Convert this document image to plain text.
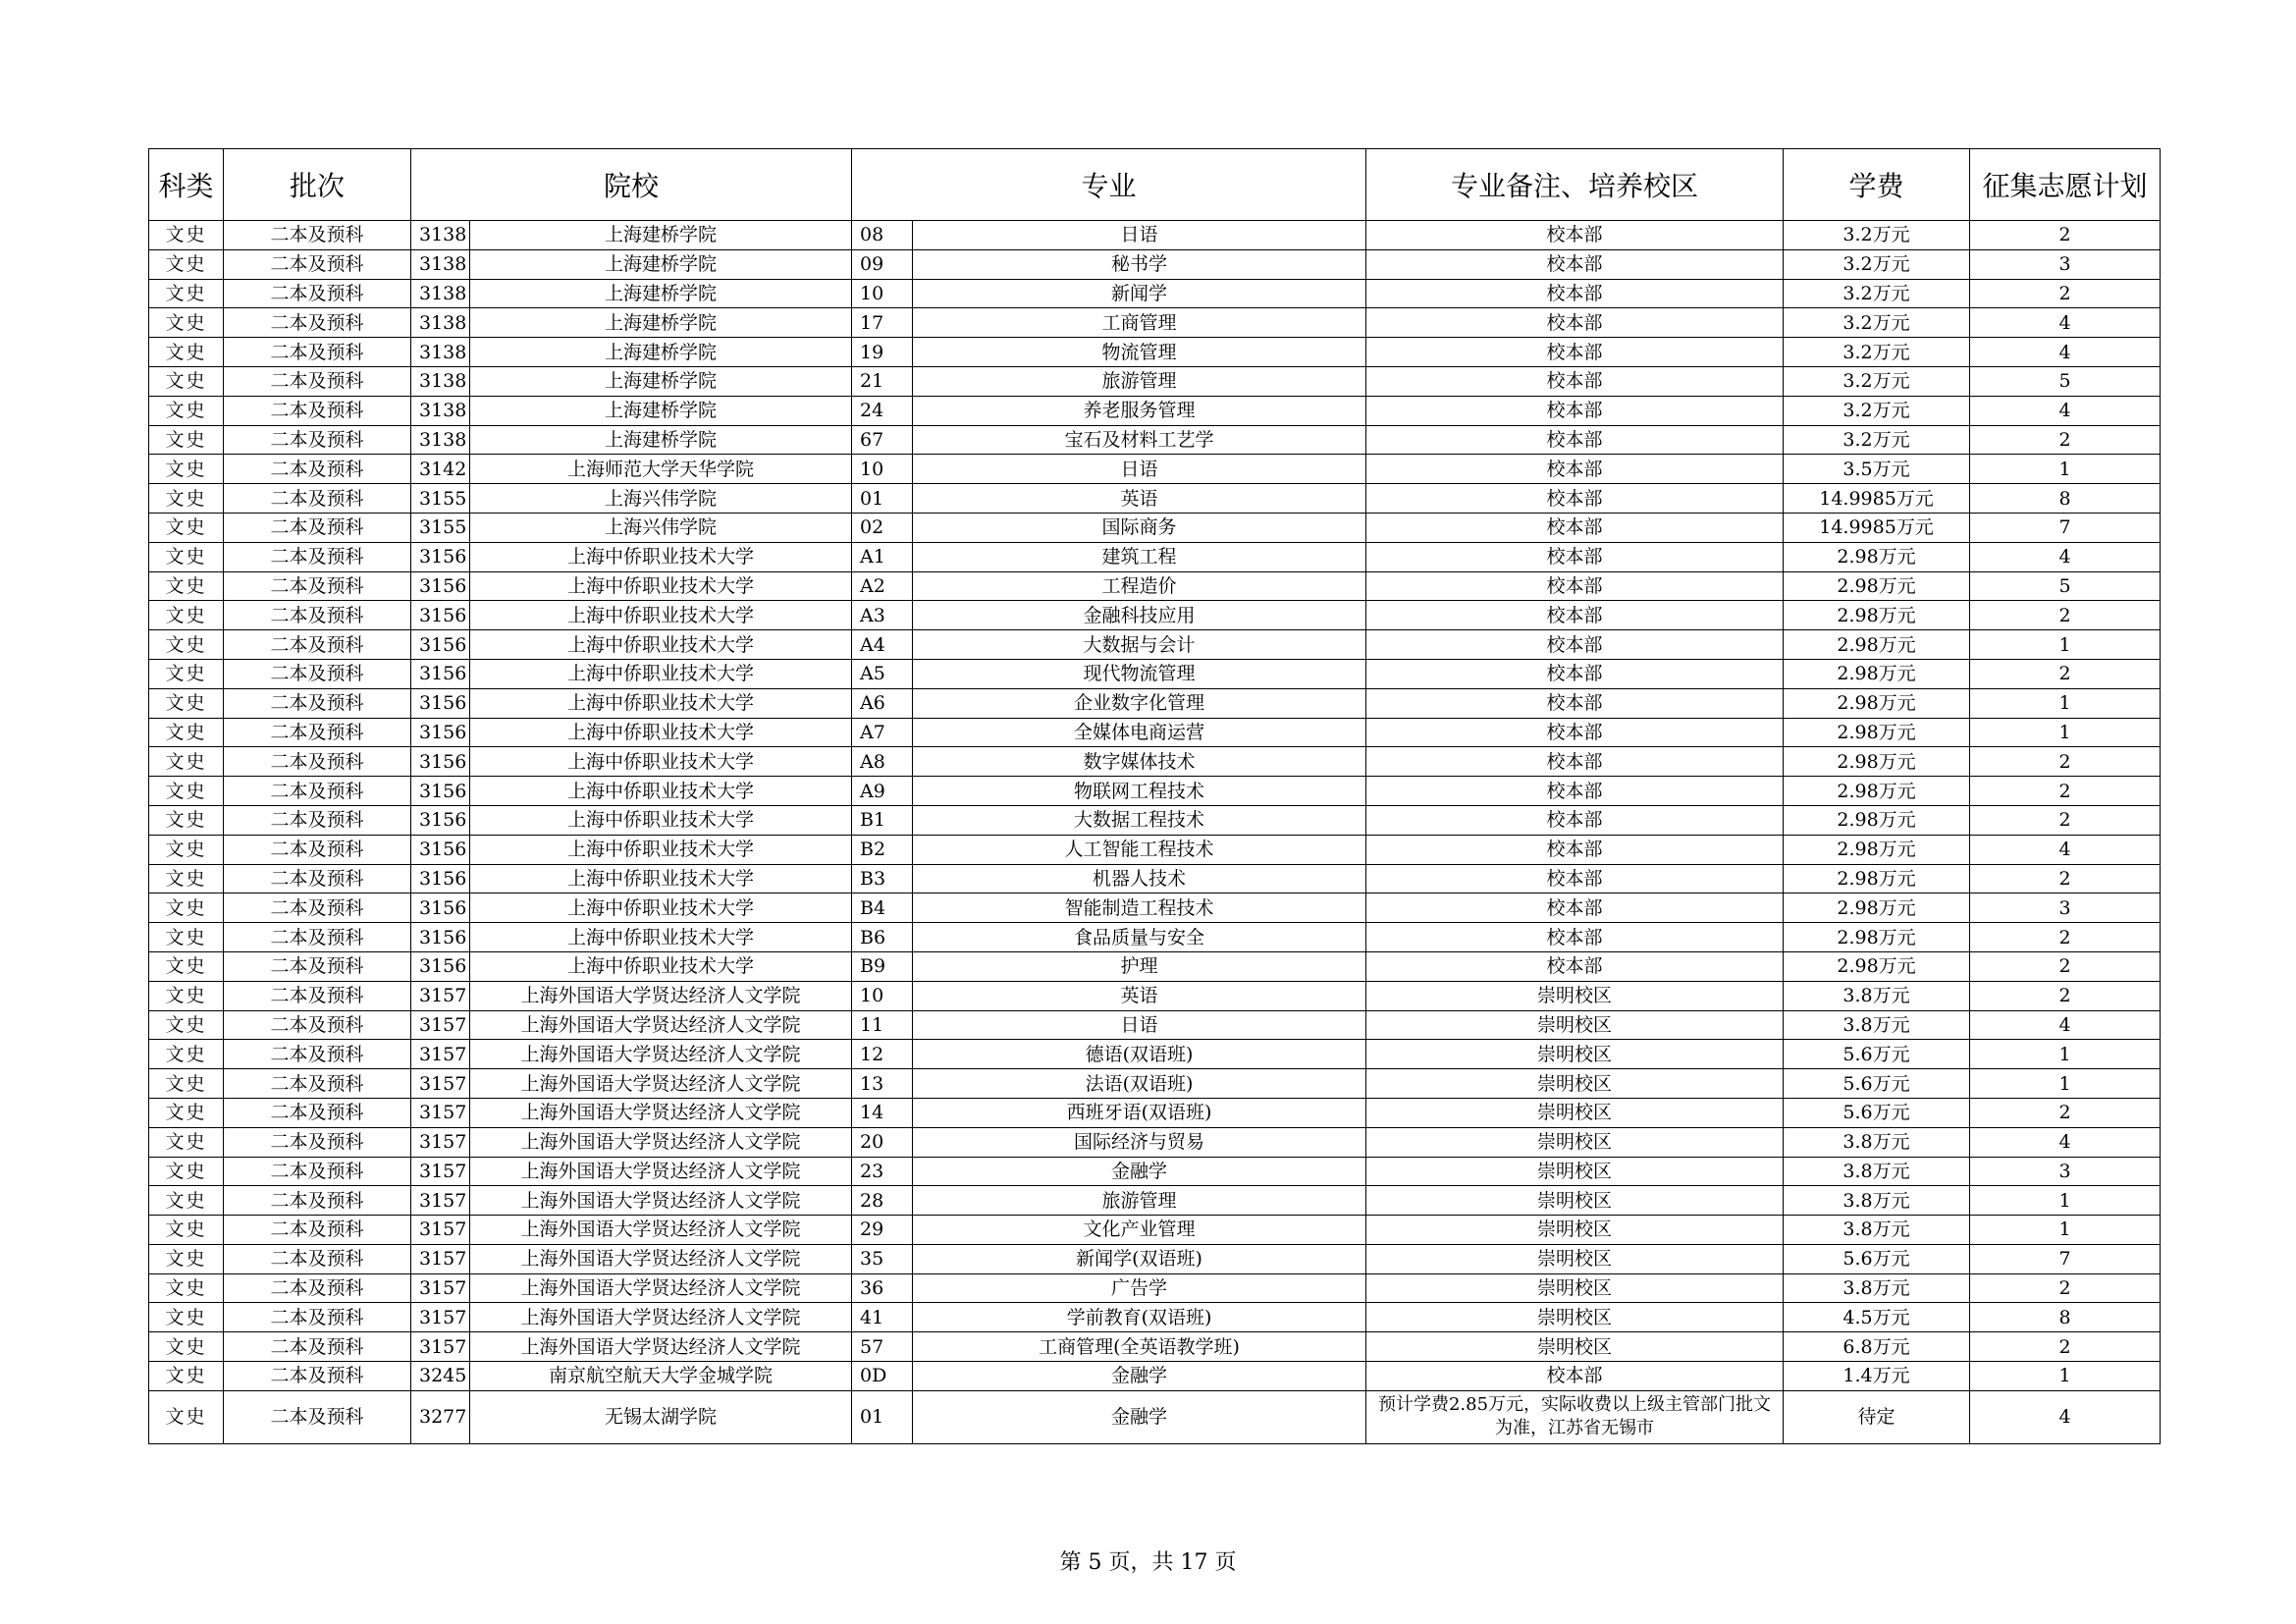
科类	批次	院校		专业		专业备注、培养校区	学费	征集志愿计划
文史	二本及预科	3138	上海建桥学院	08	日语	校本部	3.2万元	2
文史	二本及预科	3138	上海建桥学院	09	秘书学	校本部	3.2万元	3
文史	二本及预科	3138	上海建桥学院	10	新闻学	校本部	3.2万元	2
文史	二本及预科	3138	上海建桥学院	17	工商管理	校本部	3.2万元	4
文史	二本及预科	3138	上海建桥学院	19	物流管理	校本部	3.2万元	4
文史	二本及预科	3138	上海建桥学院	21	旅游管理	校本部	3.2万元	5
文史	二本及预科	3138	上海建桥学院	24	养老服务管理	校本部	3.2万元	4
文史	二本及预科	3138	上海建桥学院	67	宝石及材料工艺学	校本部	3.2万元	2
文史	二本及预科	3142	上海师范大学天华学院	10	日语	校本部	3.5万元	1
文史	二本及预科	3155	上海兴伟学院	01	英语	校本部	14.9985万元	8
文史	二本及预科	3155	上海兴伟学院	02	国际商务	校本部	14.9985万元	7
文史	二本及预科	3156	上海中侨职业技术大学	A1	建筑工程	校本部	2.98万元	4
文史	二本及预科	3156	上海中侨职业技术大学	A2	工程造价	校本部	2.98万元	5
文史	二本及预科	3156	上海中侨职业技术大学	A3	金融科技应用	校本部	2.98万元	2
文史	二本及预科	3156	上海中侨职业技术大学	A4	大数据与会计	校本部	2.98万元	1
文史	二本及预科	3156	上海中侨职业技术大学	A5	现代物流管理	校本部	2.98万元	2
文史	二本及预科	3156	上海中侨职业技术大学	A6	企业数字化管理	校本部	2.98万元	1
文史	二本及预科	3156	上海中侨职业技术大学	A7	全媒体电商运营	校本部	2.98万元	1
文史	二本及预科	3156	上海中侨职业技术大学	A8	数字媒体技术	校本部	2.98万元	2
文史	二本及预科	3156	上海中侨职业技术大学	A9	物联网工程技术	校本部	2.98万元	2
文史	二本及预科	3156	上海中侨职业技术大学	B1	大数据工程技术	校本部	2.98万元	2
文史	二本及预科	3156	上海中侨职业技术大学	B2	人工智能工程技术	校本部	2.98万元	4
文史	二本及预科	3156	上海中侨职业技术大学	B3	机器人技术	校本部	2.98万元	2
文史	二本及预科	3156	上海中侨职业技术大学	B4	智能制造工程技术	校本部	2.98万元	3
文史	二本及预科	3156	上海中侨职业技术大学	B6	食品质量与安全	校本部	2.98万元	2
文史	二本及预科	3156	上海中侨职业技术大学	B9	护理	校本部	2.98万元	2
文史	二本及预科	3157	上海外国语大学贤达经济人文学院	10	英语	崇明校区	3.8万元	2
文史	二本及预科	3157	上海外国语大学贤达经济人文学院	11	日语	崇明校区	3.8万元	4
文史	二本及预科	3157	上海外国语大学贤达经济人文学院	12	德语(双语班)	崇明校区	5.6万元	1
文史	二本及预科	3157	上海外国语大学贤达经济人文学院	13	法语(双语班)	崇明校区	5.6万元	1
文史	二本及预科	3157	上海外国语大学贤达经济人文学院	14	西班牙语(双语班)	崇明校区	5.6万元	2
文史	二本及预科	3157	上海外国语大学贤达经济人文学院	20	国际经济与贸易	崇明校区	3.8万元	4
文史	二本及预科	3157	上海外国语大学贤达经济人文学院	23	金融学	崇明校区	3.8万元	3
文史	二本及预科	3157	上海外国语大学贤达经济人文学院	28	旅游管理	崇明校区	3.8万元	1
文史	二本及预科	3157	上海外国语大学贤达经济人文学院	29	文化产业管理	崇明校区	3.8万元	1
文史	二本及预科	3157	上海外国语大学贤达经济人文学院	35	新闻学(双语班)	崇明校区	5.6万元	7
文史	二本及预科	3157	上海外国语大学贤达经济人文学院	36	广告学	崇明校区	3.8万元	2
文史	二本及预科	3157	上海外国语大学贤达经济人文学院	41	学前教育(双语班)	崇明校区	4.5万元	8
文史	二本及预科	3157	上海外国语大学贤达经济人文学院	57	工商管理(全英语教学班)	崇明校区	6.8万元	2
文史	二本及预科	3245	南京航空航天大学金城学院	0D	金融学	校本部	1.4万元	1
文史	二本及预科	3277	无锡太湖学院	01	金融学	预计学费2.85万元，实际收费以上级主管部门批文为准，江苏省无锡市	待定	4
第 5 页，共 17 页
